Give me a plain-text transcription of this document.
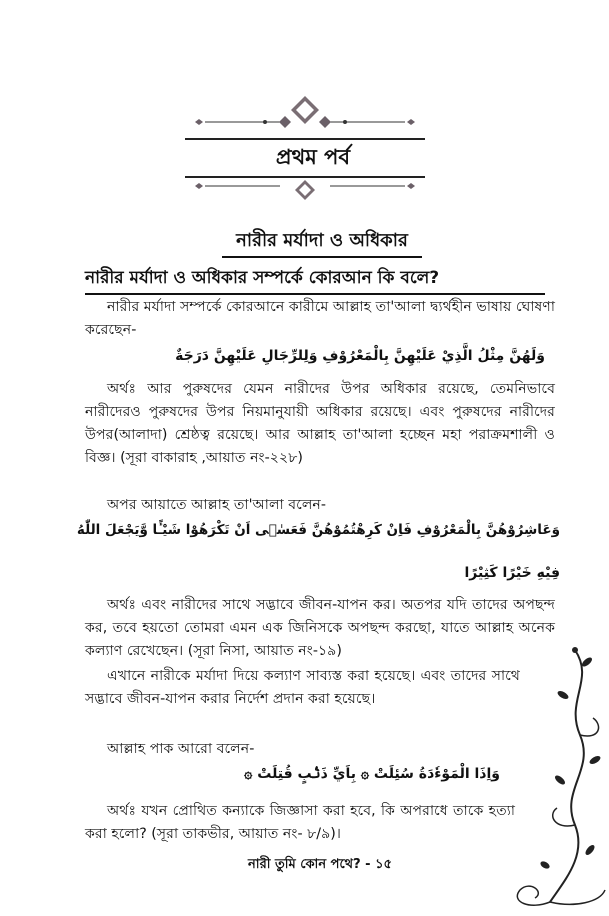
প্রথম পর্ব
নারীর মর্যাদা ও অধিকার
নারীর মর্যাদা ও অধিকার সম্পর্কে কোরআন কি বলে?
নারীর মর্যাদা সম্পর্কে কোরআনে কারীমে আল্লাহ তা'আলা দ্ব্যর্থহীন ভাষায় ঘোষণা করেছেন-
وَلَهُنَّ مِثْلُ الَّذِيْ عَلَيْهِنَّ بِالْمَعْرُوْفِ وَلِلرِّجَالِ عَلَيْهِنَّ دَرَجَةٌ
অর্থঃ আর পুরুষদের যেমন নারীদের উপর অধিকার রয়েছে, তেমনিভাবে নারীদেরও পুরুষদের উপর নিয়মানুযায়ী অধিকার রয়েছে। এবং পুরুষদের নারীদের উপর(আলাদা) শ্রেষ্ঠত্ব রয়েছে। আর আল্লাহ তা'আলা হচ্ছেন মহা পরাক্রমশালী ও বিজ্ঞ। (সূরা বাকারাহ ,আয়াত নং-২২৮)
অপর আয়াতে আল্লাহ তা'আলা বলেন-
وَعَاشِرُوْهُنَّ بِالْمَعْرُوْفِ فَاِنْ كَرِهْتُمُوْهُنَّ فَعَسٰۤى اَنْ تَكْرَهُوْا شَيْـًٔا وَّيَجْعَلَ اللّٰهُ
فِيْهِ خَيْرًا كَثِيْرًا
অর্থঃ এবং নারীদের সাথে সদ্ভাবে জীবন-যাপন কর। অতপর যদি তাদের অপছন্দ কর, তবে হয়তো তোমরা এমন এক জিনিসকে অপছন্দ করছো, যাতে আল্লাহ অনেক কল্যাণ রেখেছেন। (সূরা নিসা, আয়াত নং-১৯)
এখানে নারীকে মর্যাদা দিয়ে কল্যাণ সাব্যস্ত করা হয়েছে। এবং তাদের সাথে সদ্ভাবে জীবন-যাপন করার নির্দেশ প্রদান করা হয়েছে।
আল্লাহ পাক আরো বলেন-
وَاِذَا الْمَوْءٗدَةُ سُئِلَتْ ۞ بِاَيِّ ذَنْۢبٍ قُتِلَتْ ۞
অর্থঃ যখন প্রোথিত কন্যাকে জিজ্ঞাসা করা হবে, কি অপরাধে তাকে হত্যা করা হলো? (সূরা তাকভীর, আয়াত নং- ৮/৯)।
নারী তুমি কোন পথে? - ১৫
